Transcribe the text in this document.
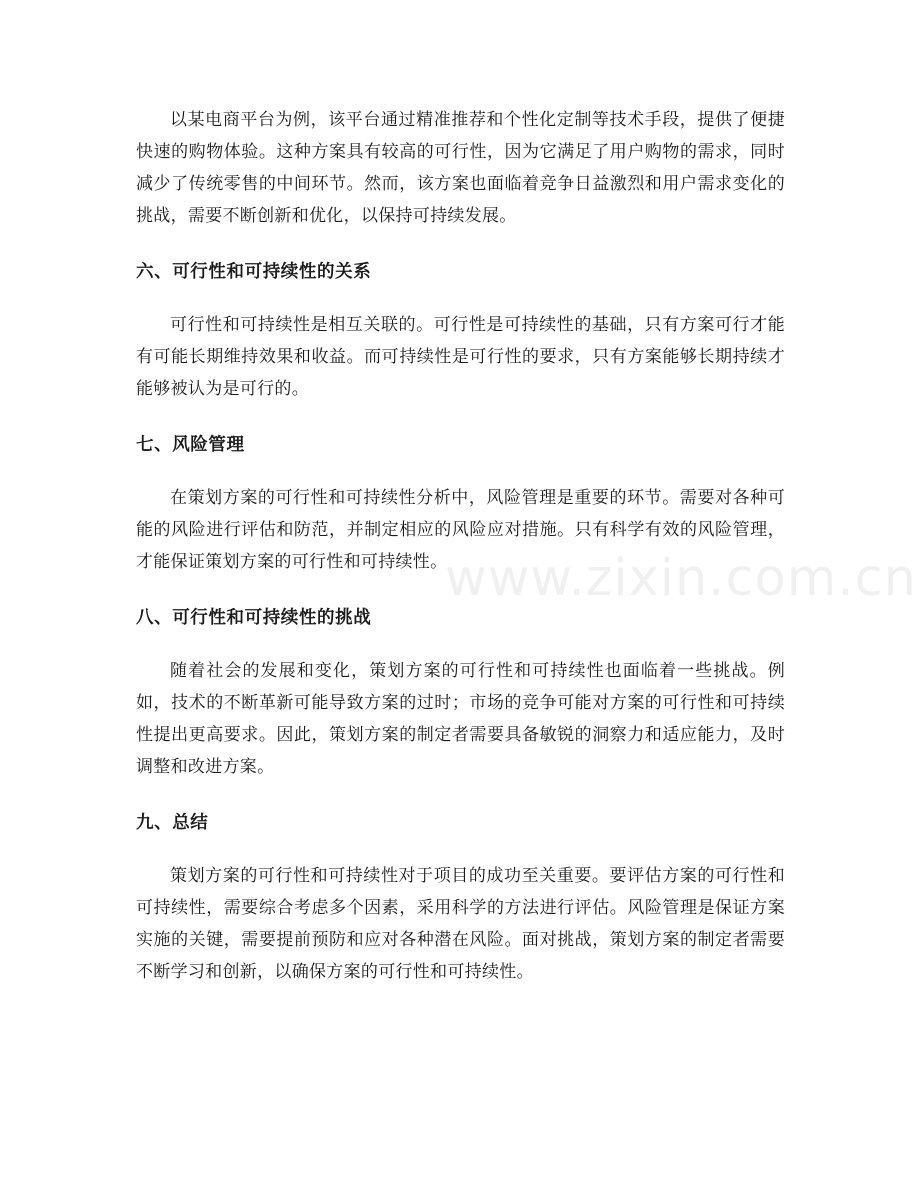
以某电商平台为例，该平台通过精准推荐和个性化定制等技术手段，提供了便捷快速的购物体验。这种方案具有较高的可行性，因为它满足了用户购物的需求，同时减少了传统零售的中间环节。然而，该方案也面临着竞争日益激烈和用户需求变化的挑战，需要不断创新和优化，以保持可持续发展。

六、可行性和可持续性的关系

可行性和可持续性是相互关联的。可行性是可持续性的基础，只有方案可行才能有可能长期维持效果和收益。而可持续性是可行性的要求，只有方案能够长期持续才能够被认为是可行的。

七、风险管理

在策划方案的可行性和可持续性分析中，风险管理是重要的环节。需要对各种可能的风险进行评估和防范，并制定相应的风险应对措施。只有科学有效的风险管理，才能保证策划方案的可行性和可持续性。

八、可行性和可持续性的挑战

随着社会的发展和变化，策划方案的可行性和可持续性也面临着一些挑战。例如，技术的不断革新可能导致方案的过时；市场的竞争可能对方案的可行性和可持续性提出更高要求。因此，策划方案的制定者需要具备敏锐的洞察力和适应能力，及时调整和改进方案。

九、总结

策划方案的可行性和可持续性对于项目的成功至关重要。要评估方案的可行性和可持续性，需要综合考虑多个因素，采用科学的方法进行评估。风险管理是保证方案实施的关键，需要提前预防和应对各种潜在风险。面对挑战，策划方案的制定者需要不断学习和创新，以确保方案的可行性和可持续性。

www.zixin.com.cn
